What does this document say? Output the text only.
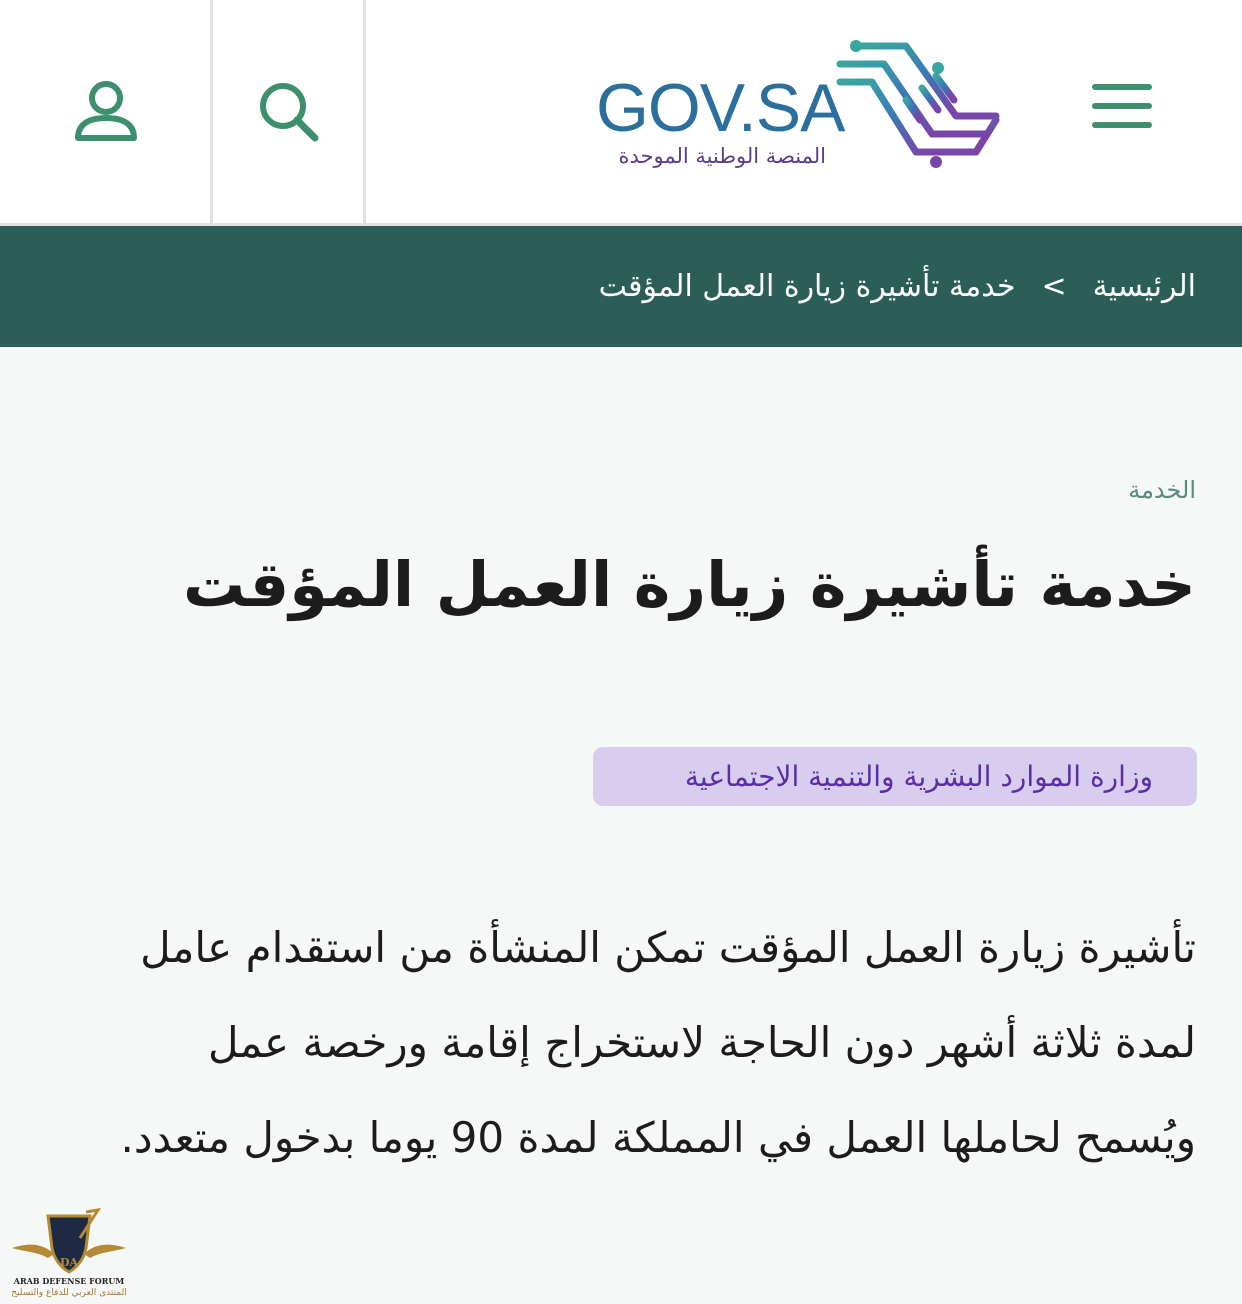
GOV.SA
المنصة الوطنية الموحدة
الرئيسية
>
خدمة تأشيرة زيارة العمل المؤقت
الخدمة
خدمة تأشيرة زيارة العمل المؤقت
وزارة الموارد البشرية والتنمية الاجتماعية
تأشيرة زيارة العمل المؤقت تمكن المنشأة من استقدام عامل لمدة ثلاثة أشهر دون الحاجة لاستخراج إقامة ورخصة عمل ويُسمح لحاملها العمل في المملكة لمدة 90 يوما بدخول متعدد.
DA
ARAB DEFENSE FORUM
المنتدى العربي للدفاع والتسليح
